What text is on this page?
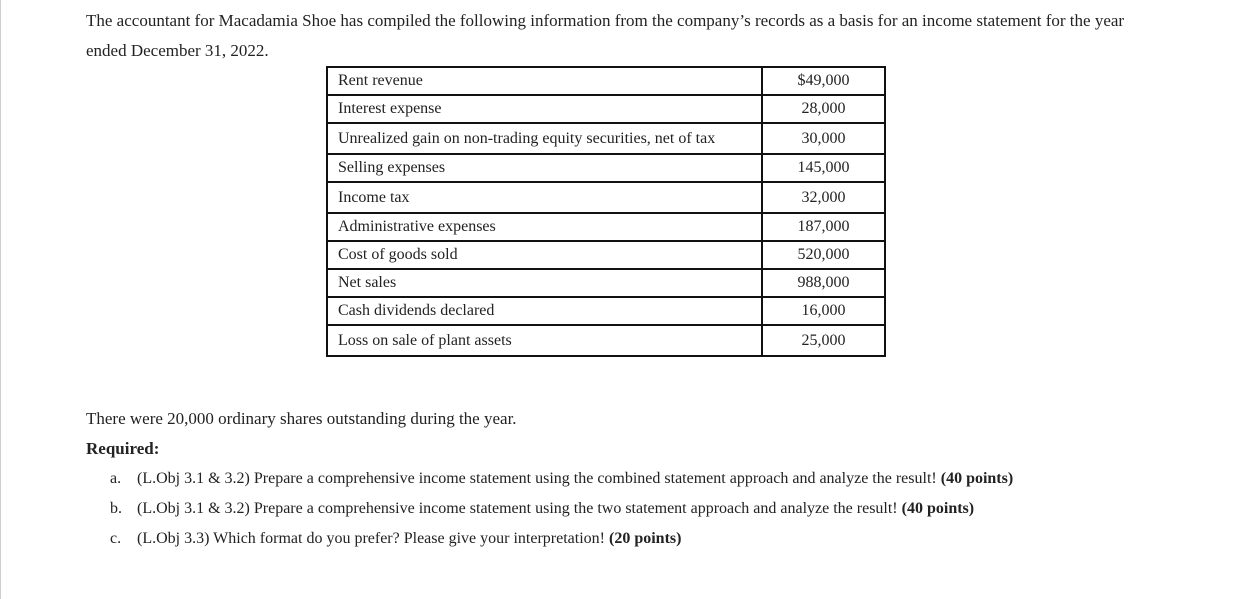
The accountant for Macadamia Shoe has compiled the following information from the company’s records as a basis for an income statement for the year ended December 31, 2022.

Rent revenue	$49,000
Interest expense	28,000
Unrealized gain on non-trading equity securities, net of tax	30,000
Selling expenses	145,000
Income tax	32,000
Administrative expenses	187,000
Cost of goods sold	520,000
Net sales	988,000
Cash dividends declared	16,000
Loss on sale of plant assets	25,000
There were 20,000 ordinary shares outstanding during the year.
Required:
a. (L.Obj 3.1 & 3.2) Prepare a comprehensive income statement using the combined statement approach and analyze the result! (40 points)
b. (L.Obj 3.1 & 3.2) Prepare a comprehensive income statement using the two statement approach and analyze the result! (40 points)
c. (L.Obj 3.3) Which format do you prefer? Please give your interpretation! (20 points)
